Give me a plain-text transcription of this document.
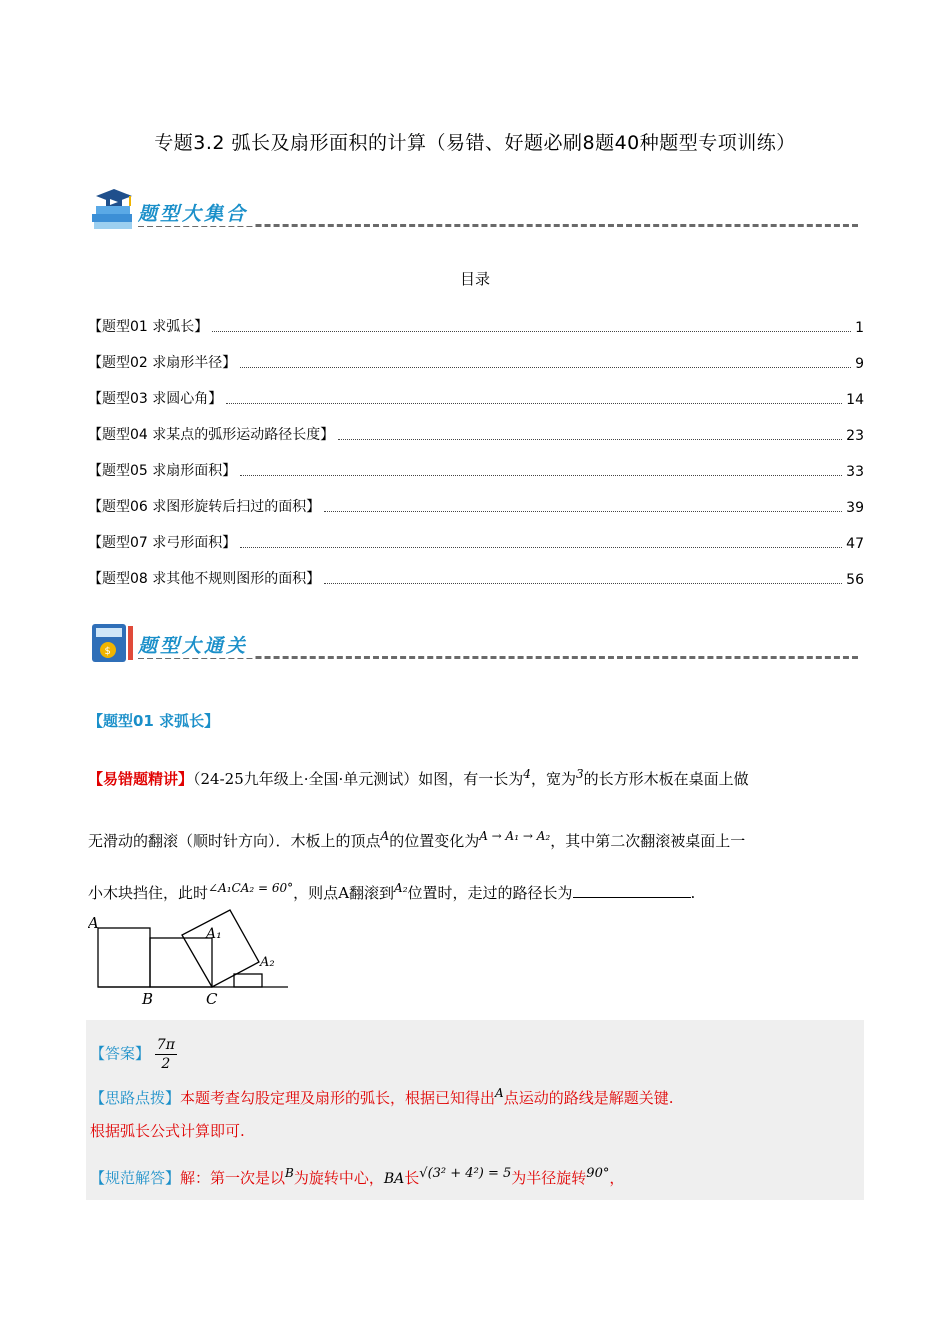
专题3.2 弧长及扇形面积的计算（易错、好题必刷8题40种题型专项训练）
题型大集合
目录
【题型01 求弧长】	1
【题型02 求扇形半径】	9
【题型03 求圆心角】	14
【题型04 求某点的弧形运动路径长度】	23
【题型05 求扇形面积】	33
【题型06 求图形旋转后扫过的面积】	39
【题型07 求弓形面积】	47
【题型08 求其他不规则图形的面积】	56
$ 题型大通关
【题型01 求弧长】
【易错题精讲】（24-25九年级上·全国·单元测试）如图，有一长为$^4$，宽为$^3$的长方形木板在桌面上做
无滑动的翻滚（顺时针方向）．木板上的顶点$^A$的位置变化为$^{A \to A_1 \to A_2}$，其中第二次翻滚被桌面上一
小木块挡住，此时$^{\angle A_1CA_2 = 60^\circ}$，则点A翻滚到$^{A_2}$位置时，走过的路径长为	.
A
A₁
A₂
B	C
【答案】 $\frac{7\pi}{2}$
【思路点拨】本题考查勾股定理及扇形的弧长，根据已知得出$^A$点运动的路线是解题关键.
根据弧长公式计算即可.
【规范解答】解：第一次是以$^B$为旋转中心，BA长√(3² + 4²) = 5为半径旋转90°，
